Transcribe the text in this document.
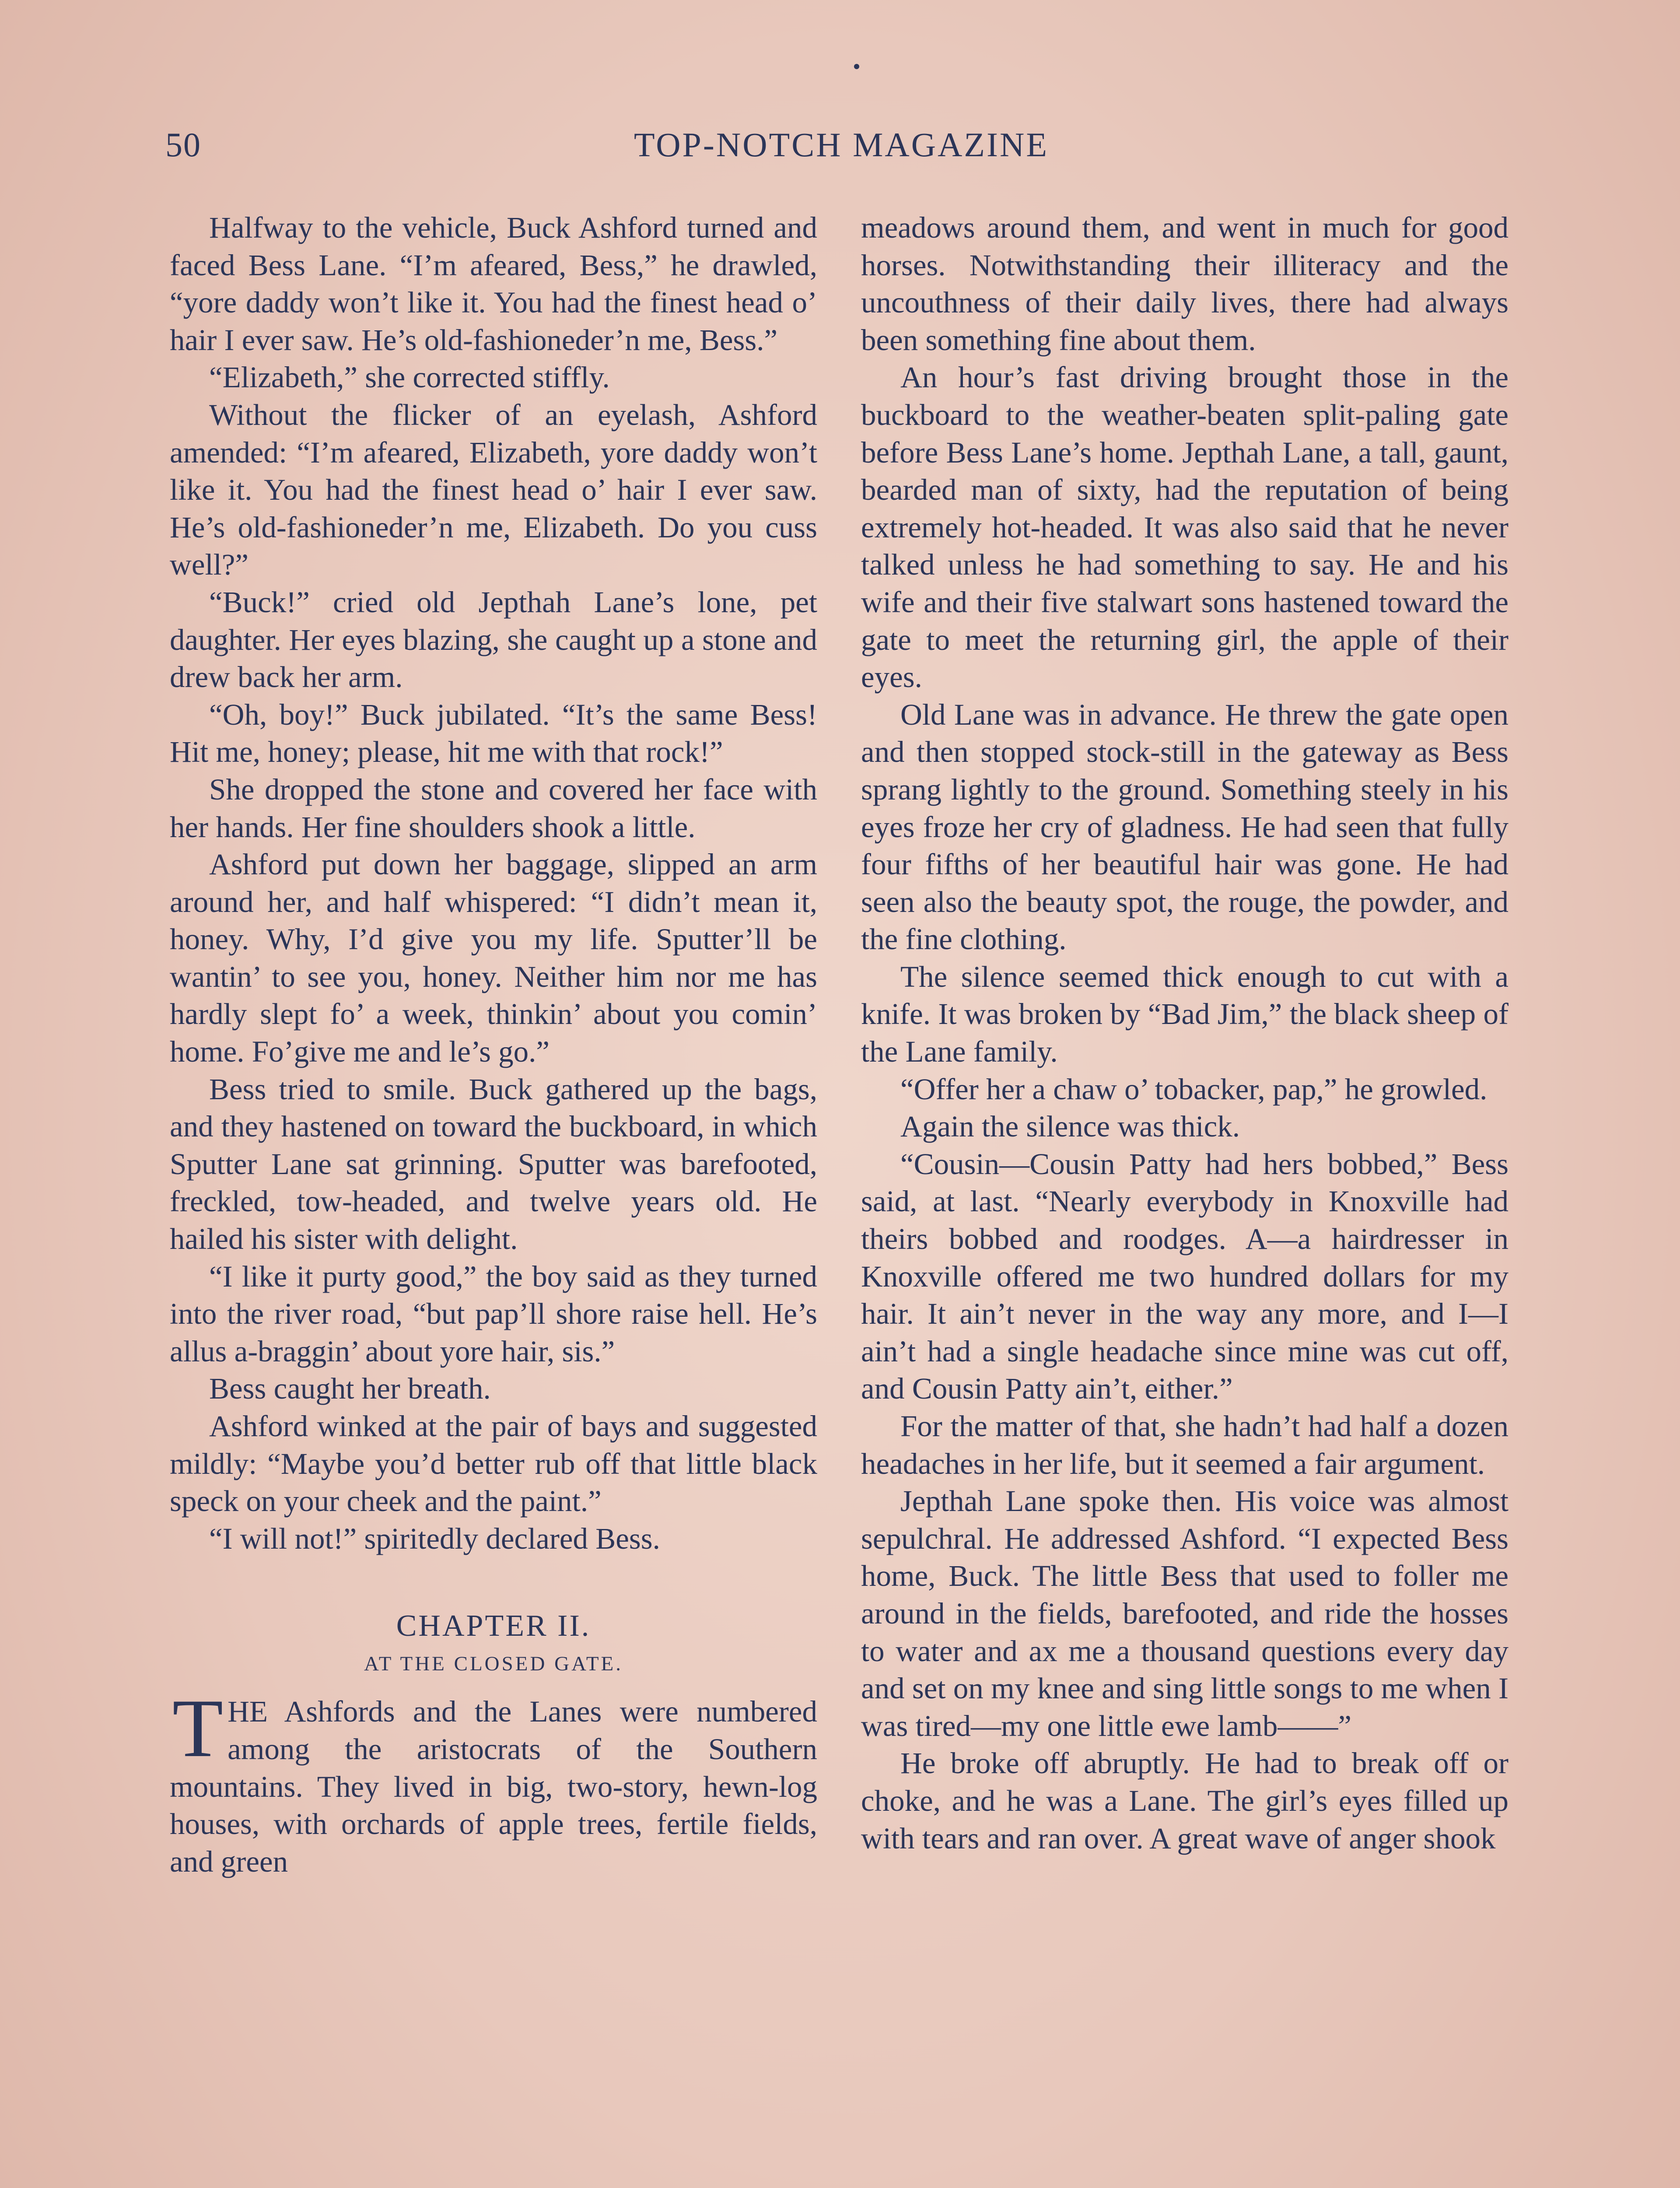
50	TOP-NOTCH MAGAZINE

Halfway to the vehicle, Buck Ashford turned and faced Bess Lane. “I’m afeared, Bess,” he drawled, “yore daddy won’t like it. You had the finest head o’ hair I ever saw. He’s old-fashioneder’n me, Bess.”

“Elizabeth,” she corrected stiffly.

Without the flicker of an eyelash, Ashford amended: “I’m afeared, Elizabeth, yore daddy won’t like it. You had the finest head o’ hair I ever saw. He’s old-fashioneder’n me, Elizabeth. Do you cuss well?”

“Buck!” cried old Jepthah Lane’s lone, pet daughter. Her eyes blazing, she caught up a stone and drew back her arm.

“Oh, boy!” Buck jubilated. “It’s the same Bess! Hit me, honey; please, hit me with that rock!”

She dropped the stone and covered her face with her hands. Her fine shoulders shook a little.

Ashford put down her baggage, slipped an arm around her, and half whispered: “I didn’t mean it, honey. Why, I’d give you my life. Sputter’ll be wantin’ to see you, honey. Neither him nor me has hardly slept fo’ a week, thinkin’ about you comin’ home. Fo’give me and le’s go.”

Bess tried to smile. Buck gathered up the bags, and they hastened on toward the buckboard, in which Sputter Lane sat grinning. Sputter was barefooted, freckled, tow-headed, and twelve years old. He hailed his sister with delight.

“I like it purty good,” the boy said as they turned into the river road, “but pap’ll shore raise hell. He’s allus a-braggin’ about yore hair, sis.”

Bess caught her breath.

Ashford winked at the pair of bays and suggested mildly: “Maybe you’d better rub off that little black speck on your cheek and the paint.”

“I will not!” spiritedly declared Bess.

CHAPTER II.
AT THE CLOSED GATE.

THE Ashfords and the Lanes were numbered among the aristocrats of the Southern mountains. They lived in big, two-story, hewn-log houses, with orchards of apple trees, fertile fields, and green

meadows around them, and went in much for good horses. Notwithstanding their illiteracy and the uncouthness of their daily lives, there had always been something fine about them.

An hour’s fast driving brought those in the buckboard to the weather-beaten split-paling gate before Bess Lane’s home. Jepthah Lane, a tall, gaunt, bearded man of sixty, had the reputation of being extremely hot-headed. It was also said that he never talked unless he had something to say. He and his wife and their five stalwart sons hastened toward the gate to meet the returning girl, the apple of their eyes.

Old Lane was in advance. He threw the gate open and then stopped stock-still in the gateway as Bess sprang lightly to the ground. Something steely in his eyes froze her cry of gladness. He had seen that fully four fifths of her beautiful hair was gone. He had seen also the beauty spot, the rouge, the powder, and the fine clothing.

The silence seemed thick enough to cut with a knife. It was broken by “Bad Jim,” the black sheep of the Lane family.

“Offer her a chaw o’ tobacker, pap,” he growled.

Again the silence was thick.

“Cousin—Cousin Patty had hers bobbed,” Bess said, at last. “Nearly everybody in Knoxville had theirs bobbed and roodges. A—a hairdresser in Knoxville offered me two hundred dollars for my hair. It ain’t never in the way any more, and I—I ain’t had a single headache since mine was cut off, and Cousin Patty ain’t, either.”

For the matter of that, she hadn’t had half a dozen headaches in her life, but it seemed a fair argument.

Jepthah Lane spoke then. His voice was almost sepulchral. He addressed Ashford. “I expected Bess home, Buck. The little Bess that used to foller me around in the fields, barefooted, and ride the hosses to water and ax me a thousand questions every day and set on my knee and sing little songs to me when I was tired—my one little ewe lamb——”

He broke off abruptly. He had to break off or choke, and he was a Lane. The girl’s eyes filled up with tears and ran over. A great wave of anger shook
